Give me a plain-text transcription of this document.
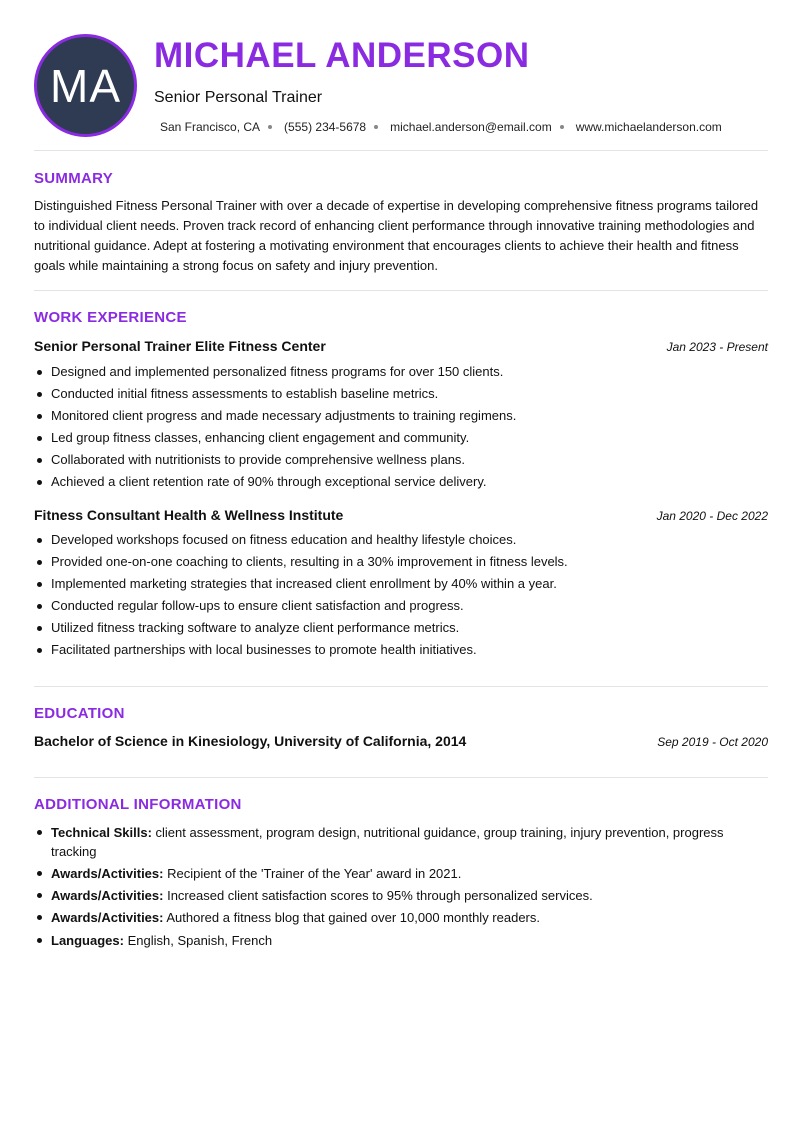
MA
MICHAEL ANDERSON
Senior Personal Trainer
San Francisco, CA (555) 234-5678 michael.anderson@email.com www.michaelanderson.com
SUMMARY

Distinguished Fitness Personal Trainer with over a decade of expertise in developing comprehensive fitness programs tailored to individual client needs. Proven track record of enhancing client performance through innovative training methodologies and nutritional guidance. Adept at fostering a motivating environment that encourages clients to achieve their health and fitness goals while maintaining a strong focus on safety and injury prevention.

WORK EXPERIENCE
Senior Personal Trainer Elite Fitness Center	Jan 2023 - Present
Designed and implemented personalized fitness programs for over 150 clients.
Conducted initial fitness assessments to establish baseline metrics.
Monitored client progress and made necessary adjustments to training regimens.
Led group fitness classes, enhancing client engagement and community.
Collaborated with nutritionists to provide comprehensive wellness plans.
Achieved a client retention rate of 90% through exceptional service delivery.
Fitness Consultant Health & Wellness Institute	Jan 2020 - Dec 2022
Developed workshops focused on fitness education and healthy lifestyle choices.
Provided one-on-one coaching to clients, resulting in a 30% improvement in fitness levels.
Implemented marketing strategies that increased client enrollment by 40% within a year.
Conducted regular follow-ups to ensure client satisfaction and progress.
Utilized fitness tracking software to analyze client performance metrics.
Facilitated partnerships with local businesses to promote health initiatives.
EDUCATION
Bachelor of Science in Kinesiology, University of California, 2014	Sep 2019 - Oct 2020
ADDITIONAL INFORMATION
Technical Skills: client assessment, program design, nutritional guidance, group training, injury prevention, progress tracking
Awards/Activities: Recipient of the 'Trainer of the Year' award in 2021.
Awards/Activities: Increased client satisfaction scores to 95% through personalized services.
Awards/Activities: Authored a fitness blog that gained over 10,000 monthly readers.
Languages: English, Spanish, French
